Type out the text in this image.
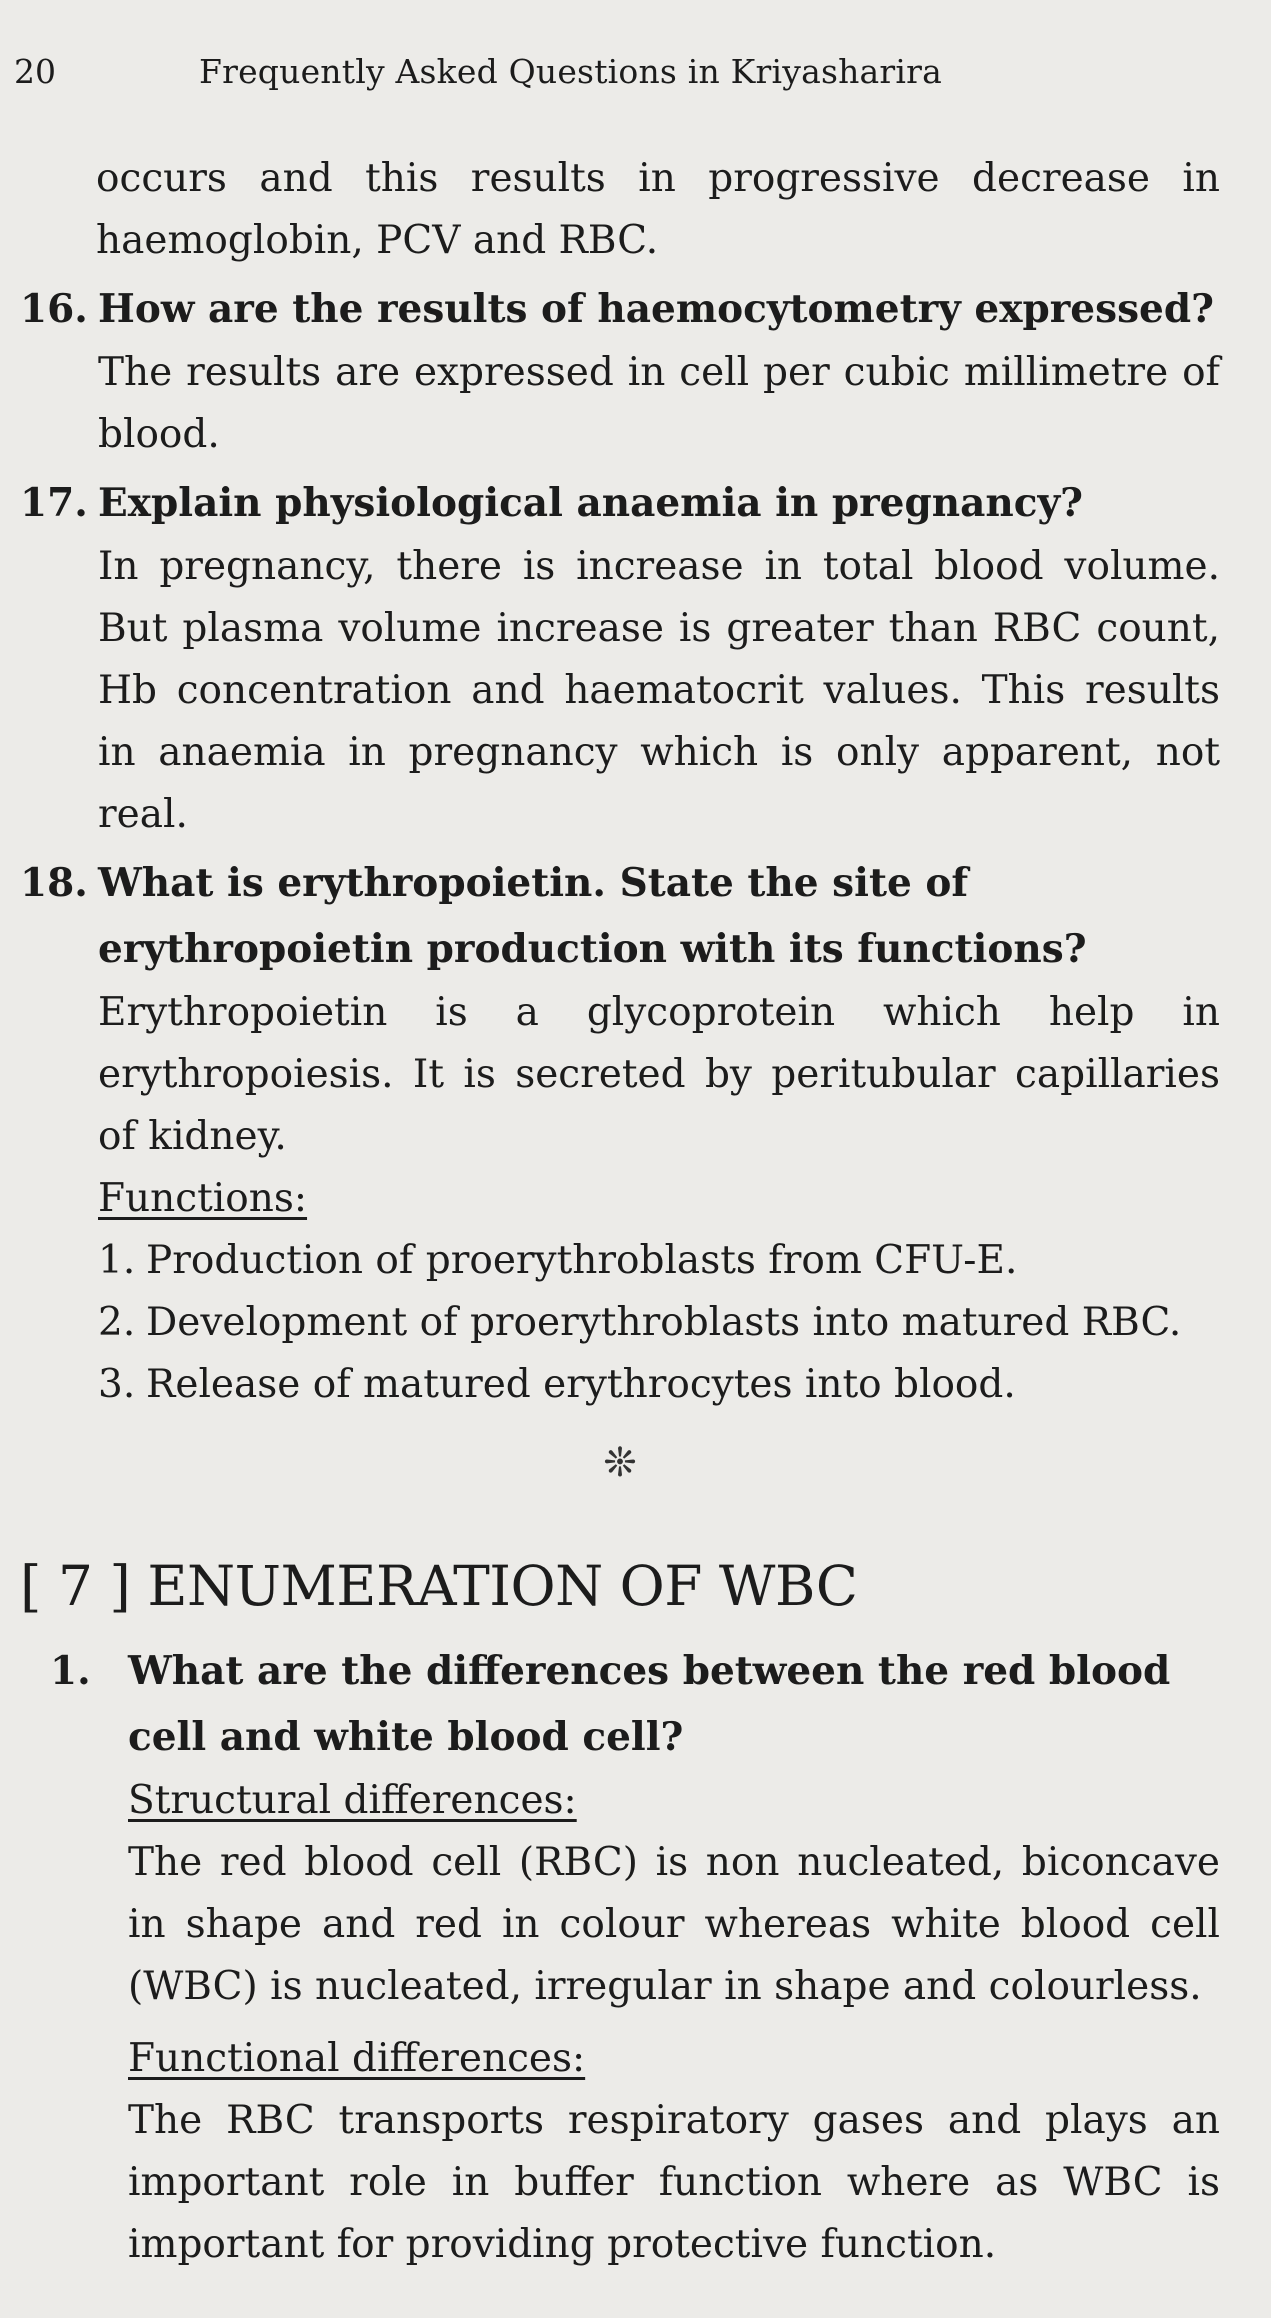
20	Frequently Asked Questions in Kriyasharira

occurs and this results in progressive decrease in haemoglobin, PCV and RBC.

16. How are the results of haemocytometry expressed?

The results are expressed in cell per cubic millimetre of blood.

17. Explain physiological anaemia in pregnancy?

In pregnancy, there is increase in total blood volume. But plasma volume increase is greater than RBC count, Hb concentration and haematocrit values. This results in anaemia in pregnancy which is only apparent, not real.

18. What is erythropoietin. State the site of erythropoietin production with its functions?

Erythropoietin is a glycoprotein which help in erythropoiesis. It is secreted by peritubular capillaries of kidney.

Functions:
1. Production of proerythroblasts from CFU-E.
2. Development of proerythroblasts into matured RBC.
3. Release of matured erythrocytes into blood.
❊
[ 7 ] ENUMERATION OF WBC
1. What are the differences between the red blood cell and white blood cell?
Structural differences:

The red blood cell (RBC) is non nucleated, biconcave in shape and red in colour whereas white blood cell (WBC) is nucleated, irregular in shape and colourless.

Functional differences:

The RBC transports respiratory gases and plays an important role in buffer function where as WBC is important for providing protective function.
